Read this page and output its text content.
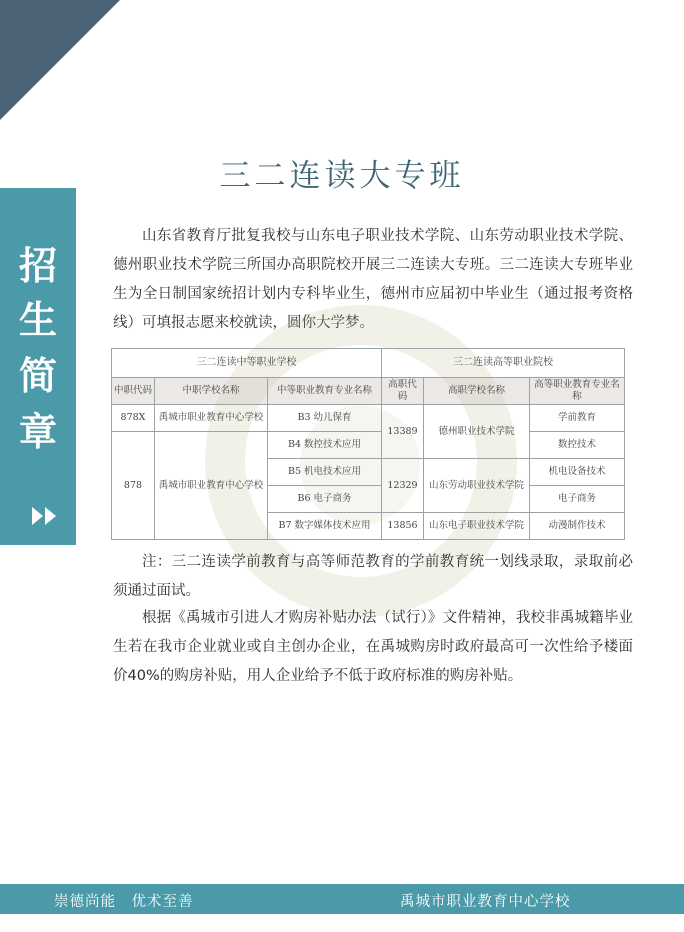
招
生
简
章
三二连读大专班

山东省教育厅批复我校与山东电子职业技术学院、山东劳动职业技术学院、德州职业技术学院三所国办高职院校开展三二连读大专班。三二连读大专班毕业生为全日制国家统招计划内专科毕业生，德州市应届初中毕业生（通过报考资格线）可填报志愿来校就读，圆你大学梦。

三二连读中等职业学校			三二连读高等职业院校		
中职代码	中职学校名称	中等职业教育专业名称	高职代码	高职学校名称	高等职业教育专业名称
878X	禹城市职业教育中心学校	B3 幼儿保育	13389	德州职业技术学院	学前教育
878	禹城市职业教育中心学校	B4 数控技术应用			数控技术
		B5 机电技术应用	12329	山东劳动职业技术学院	机电设备技术
		B6 电子商务			电子商务
		B7 数字媒体技术应用	13856	山东电子职业技术学院	动漫制作技术

注：三二连读学前教育与高等师范教育的学前教育统一划线录取，录取前必须通过面试。

根据《禹城市引进人才购房补贴办法（试行）》文件精神，我校非禹城籍毕业生若在我市企业就业或自主创办企业，在禹城购房时政府最高可一次性给予楼面价40%的购房补贴，用人企业给予不低于政府标准的购房补贴。

崇德尚能　优术至善	禹城市职业教育中心学校
